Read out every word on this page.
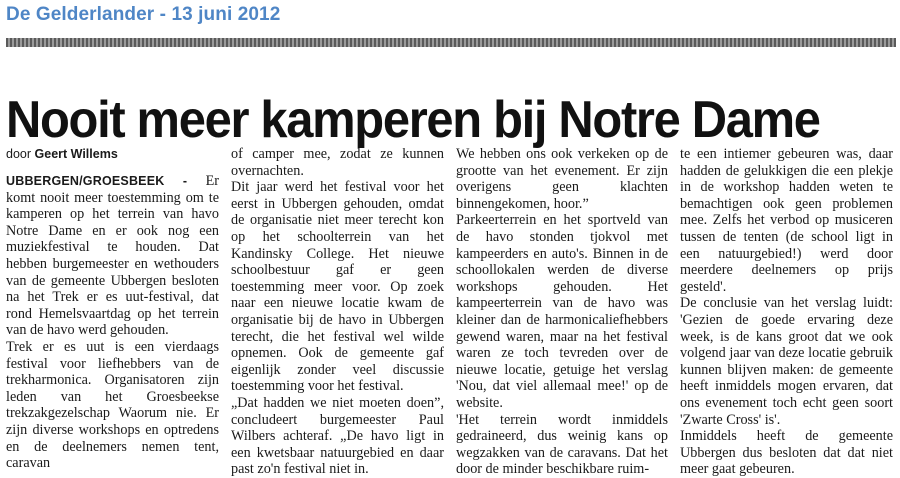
De Gelderlander - 13 juni 2012
Nooit meer kamperen bij Notre Dame

door Geert Willems

UBBERGEN/GROESBEEK - Er komt nooit meer toestemming om te kamperen op het terrein van havo Notre Dame en er ook nog een muziekfestival te houden. Dat hebben burgemeester en wethouders van de gemeente Ubbergen besloten na het Trek er es uut-festival, dat rond Hemelsvaartdag op het terrein van de havo werd gehouden.

Trek er es uut is een vierdaags festival voor liefhebbers van de trekharmonica. Organisatoren zijn leden van het Groesbeekse trekzakgezelschap Waorum nie. Er zijn diverse workshops en optredens en de deelnemers nemen tent, caravan

of camper mee, zodat ze kunnen overnachten.

Dit jaar werd het festival voor het eerst in Ubbergen gehouden, omdat de organisatie niet meer terecht kon op het schoolterrein van het Kandinsky College. Het nieuwe schoolbestuur gaf er geen toestemming meer voor. Op zoek naar een nieuwe locatie kwam de organisatie bij de havo in Ubbergen terecht, die het festival wel wilde opnemen. Ook de gemeente gaf eigenlijk zonder veel discussie toestemming voor het festival.

„Dat hadden we niet moeten doen”, concludeert burgemeester Paul Wilbers achteraf. „De havo ligt in een kwetsbaar natuurgebied en daar past zo'n festival niet in.

We hebben ons ook verkeken op de grootte van het evenement. Er zijn overigens geen klachten binnengekomen, hoor.”

Parkeerterrein en het sportveld van de havo stonden tjokvol met kampeerders en auto's. Binnen in de schoollokalen werden de diverse workshops gehouden. Het kampeerterrein van de havo was kleiner dan de harmonicaliefhebbers gewend waren, maar na het festival waren ze toch tevreden over de nieuwe locatie, getuige het verslag 'Nou, dat viel allemaal mee!' op de website.

'Het terrein wordt inmiddels gedraineerd, dus weinig kans op wegzakken van de caravans. Dat het door de minder beschikbare ruim-

te een intiemer gebeuren was, daar hadden de gelukkigen die een plekje in de workshop hadden weten te bemachtigen ook geen problemen mee. Zelfs het verbod op musiceren tussen de tenten (de school ligt in een natuurgebied!) werd door meerdere deelnemers op prijs gesteld'.

De conclusie van het verslag luidt: 'Gezien de goede ervaring deze week, is de kans groot dat we ook volgend jaar van deze locatie gebruik kunnen blijven maken: de gemeente heeft inmiddels mogen ervaren, dat ons evenement toch echt geen soort 'Zwarte Cross' is'.

Inmiddels heeft de gemeente Ubbergen dus besloten dat dat niet meer gaat gebeuren.
